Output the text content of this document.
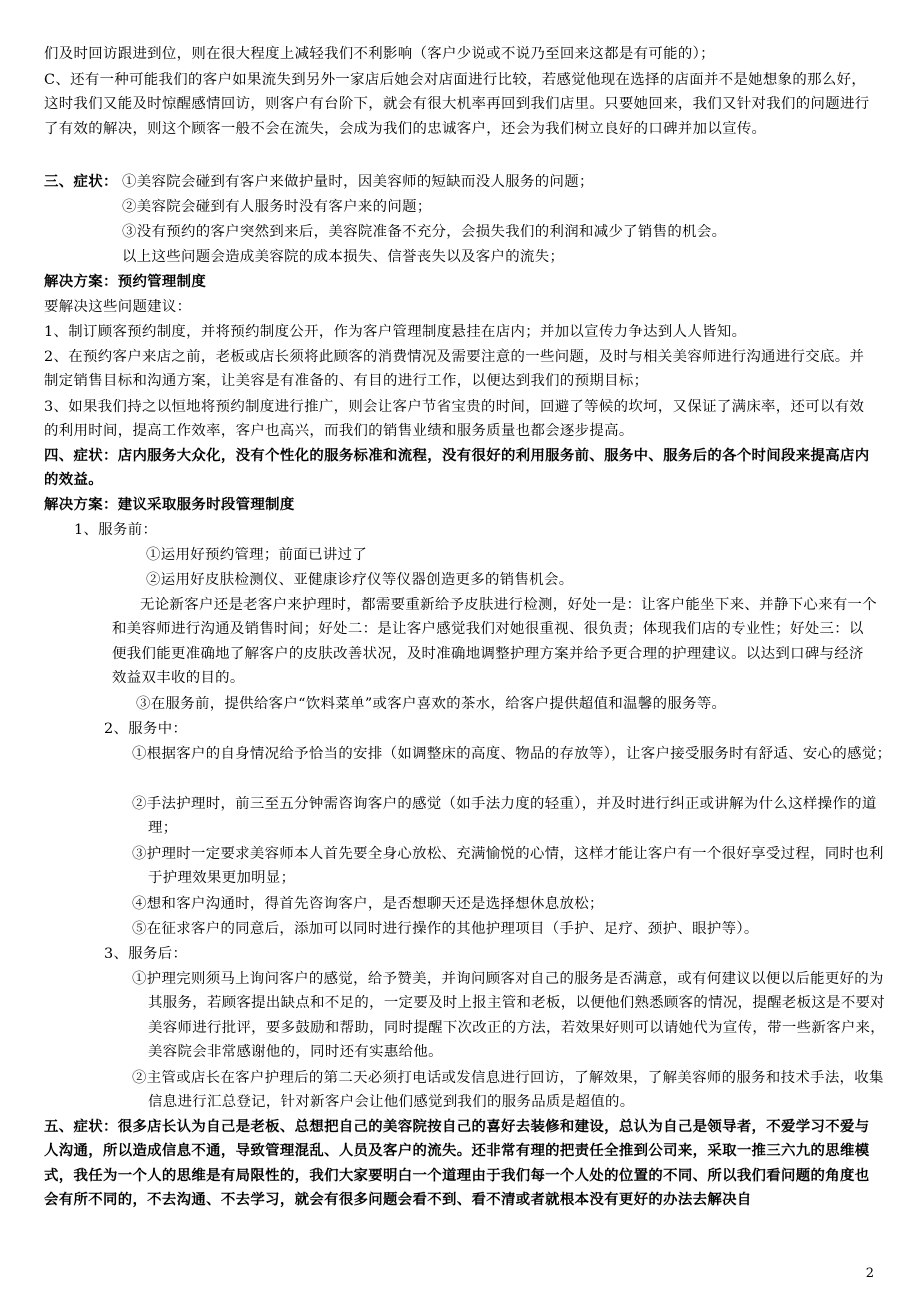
们及时回访跟进到位，则在很大程度上减轻我们不利影响（客户少说或不说乃至回来这都是有可能的）；
C、还有一种可能我们的客户如果流失到另外一家店后她会对店面进行比较，若感觉他现在选择的店面并不是她想象的那么好，这时我们又能及时惊醒感情回访，则客户有台阶下，就会有很大机率再回到我们店里。只要她回来，我们又针对我们的问题进行了有效的解决，则这个顾客一般不会在流失，会成为我们的忠诚客户，还会为我们树立良好的口碑并加以宣传。
三、症状： ①美容院会碰到有客户来做护量时，因美容师的短缺而没人服务的问题；
②美容院会碰到有人服务时没有客户来的问题；
③没有预约的客户突然到来后，美容院准备不充分，会损失我们的利润和减少了销售的机会。
以上这些问题会造成美容院的成本损失、信誉丧失以及客户的流失；
解决方案：预约管理制度
要解决这些问题建议：
1、制订顾客预约制度，并将预约制度公开，作为客户管理制度悬挂在店内；并加以宣传力争达到人人皆知。
2、在预约客户来店之前，老板或店长须将此顾客的消费情况及需要注意的一些问题，及时与相关美容师进行沟通进行交底。并制定销售目标和沟通方案，让美容是有准备的、有目的进行工作，以便达到我们的预期目标；
3、如果我们持之以恒地将预约制度进行推广，则会让客户节省宝贵的时间，回避了等候的坎坷，又保证了满床率，还可以有效的利用时间，提高工作效率，客户也高兴，而我们的销售业绩和服务质量也都会逐步提高。
四、症状：店内服务大众化，没有个性化的服务标准和流程，没有很好的利用服务前、服务中、服务后的各个时间段来提高店内的效益。
解决方案：建议采取服务时段管理制度
1、服务前：
①运用好预约管理；前面已讲过了
②运用好皮肤检测仪、亚健康诊疗仪等仪器创造更多的销售机会。
无论新客户还是老客户来护理时，都需要重新给予皮肤进行检测，好处一是：让客户能坐下来、并静下心来有一个和美容师进行沟通及销售时间；好处二：是让客户感觉我们对她很重视、很负责；体现我们店的专业性；好处三：以便我们能更准确地了解客户的皮肤改善状况，及时准确地调整护理方案并给予更合理的护理建议。以达到口碑与经济效益双丰收的目的。
③在服务前，提供给客户“饮料菜单”或客户喜欢的茶水，给客户提供超值和温馨的服务等。
2、服务中：
①根据客户的自身情况给予恰当的安排（如调整床的高度、物品的存放等），让客户接受服务时有舒适、安心的感觉；
②手法护理时，前三至五分钟需咨询客户的感觉（如手法力度的轻重），并及时进行纠正或讲解为什么这样操作的道理；
③护理时一定要求美容师本人首先要全身心放松、充满愉悦的心情，这样才能让客户有一个很好享受过程，同时也利于护理效果更加明显；
④想和客户沟通时，得首先咨询客户，是否想聊天还是选择想休息放松；
⑤在征求客户的同意后，添加可以同时进行操作的其他护理项目（手护、足疗、颈护、眼护等）。
3、服务后：
①护理完则须马上询问客户的感觉，给予赞美，并询问顾客对自己的服务是否满意，或有何建议以便以后能更好的为其服务，若顾客提出缺点和不足的，一定要及时上报主管和老板，以便他们熟悉顾客的情况，提醒老板这是不要对美容师进行批评，要多鼓励和帮助，同时提醒下次改正的方法，若效果好则可以请她代为宣传，带一些新客户来，美容院会非常感谢他的，同时还有实惠给他。
②主管或店长在客户护理后的第二天必须打电话或发信息进行回访，了解效果，了解美容师的服务和技术手法，收集信息进行汇总登记，针对新客户会让他们感觉到我们的服务品质是超值的。
五、症状：很多店长认为自己是老板、总想把自己的美容院按自己的喜好去装修和建设，总认为自己是领导者，不爱学习不爱与人沟通，所以造成信息不通，导致管理混乱、人员及客户的流失。还非常有理的把责任全推到公司来，采取一推三六九的思维模式，我任为一个人的思维是有局限性的，我们大家要明白一个道理由于我们每一个人处的位置的不同、所以我们看问题的角度也会有所不同的，不去沟通、不去学习，就会有很多问题会看不到、看不清或者就根本没有更好的办法去解决自
2
